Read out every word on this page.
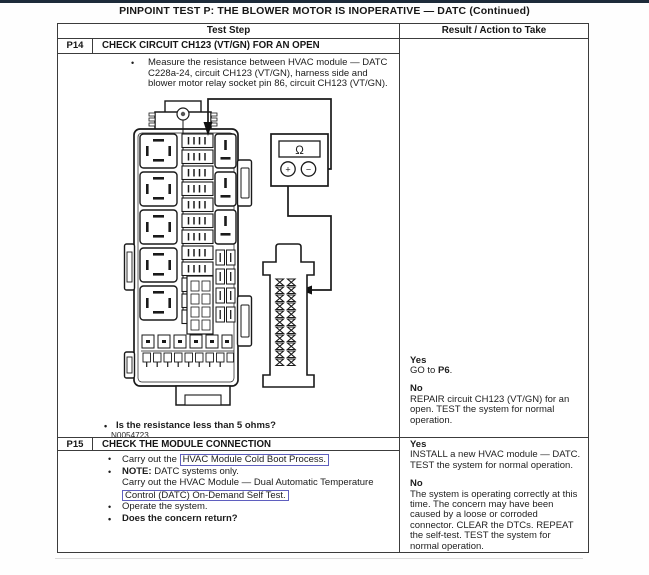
PINPOINT TEST P: THE BLOWER MOTOR IS INOPERATIVE — DATC (Continued)
Test Step	Result / Action to Take
P14	CHECK CIRCUIT CH123 (VT/GN) FOR AN OPEN
• Measure the resistance between HVAC module — DATC C228a-24, circuit CH123 (VT/GN), harness side and blower motor relay socket pin 86, circuit CH123 (VT/GN).
Ω
+ −
N0054723
• Is the resistance less than 5 ohms?
Yes
GO to P6.
No
REPAIR circuit CH123 (VT/GN) for an open. TEST the system for normal operation.
P15	CHECK THE MODULE CONNECTION
• Carry out the HVAC Module Cold Boot Process.
• NOTE: DATC systems only.
Carry out the HVAC Module — Dual Automatic Temperature
Control (DATC) On-Demand Self Test.
• Operate the system.
• Does the concern return?
Yes
INSTALL a new HVAC module — DATC. TEST the system for normal operation.
No
The system is operating correctly at this time. The concern may have been caused by a loose or corroded connector. CLEAR the DTCs. REPEAT the self-test. TEST the system for normal operation.
